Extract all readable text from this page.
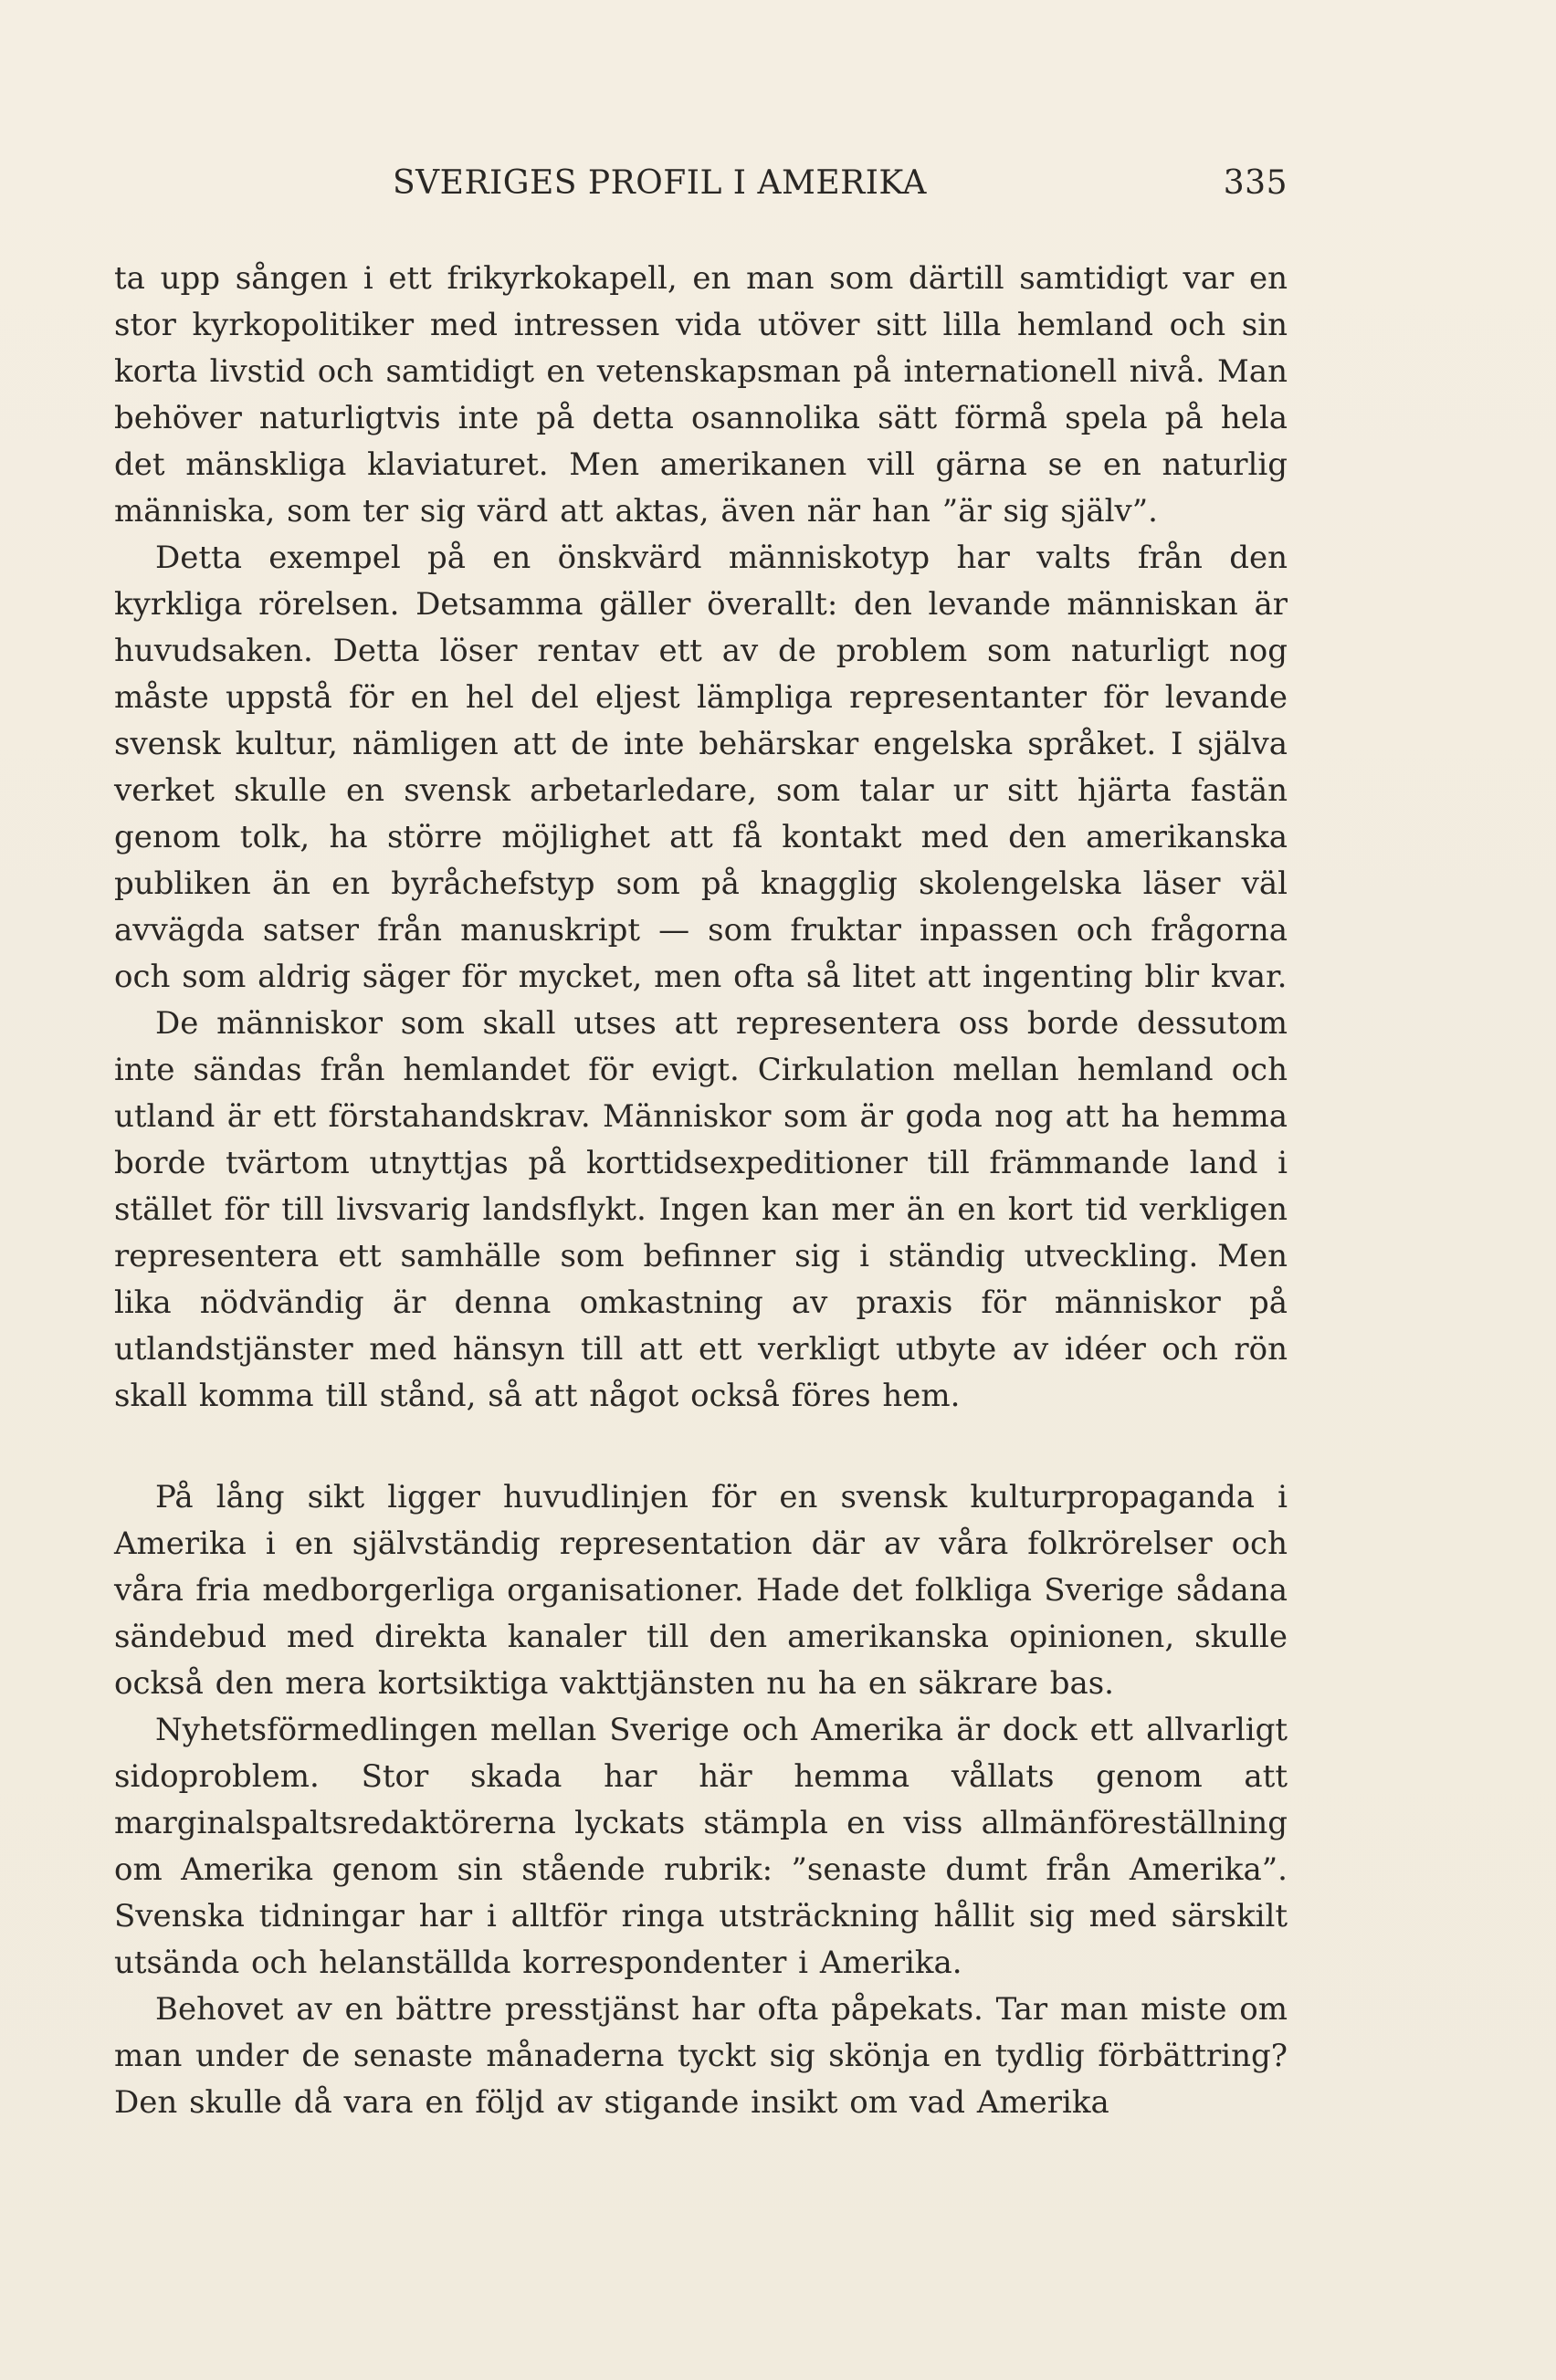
SVERIGES PROFIL I AMERIKA	335

ta upp sången i ett frikyrkokapell, en man som därtill samtidigt var en stor kyrkopolitiker med intressen vida utöver sitt lilla hemland och sin korta livstid och samtidigt en vetenskapsman på internationell nivå. Man behöver naturligtvis inte på detta osannolika sätt förmå spela på hela det mänskliga klaviaturet. Men amerikanen vill gärna se en naturlig människa, som ter sig värd att aktas, även när han ”är sig själv”.

Detta exempel på en önskvärd människotyp har valts från den kyrkliga rörelsen. Detsamma gäller överallt: den levande människan är huvudsaken. Detta löser rentav ett av de problem som naturligt nog måste uppstå för en hel del eljest lämpliga representanter för levande svensk kultur, nämligen att de inte behärskar engelska språket. I själva verket skulle en svensk arbetarledare, som talar ur sitt hjärta fastän genom tolk, ha större möjlighet att få kontakt med den amerikanska publiken än en byråchefstyp som på knagglig skolengelska läser väl avvägda satser från manuskript — som fruktar inpassen och frågorna och som aldrig säger för mycket, men ofta så litet att ingenting blir kvar.

De människor som skall utses att representera oss borde dessutom inte sändas från hemlandet för evigt. Cirkulation mellan hemland och utland är ett förstahandskrav. Människor som är goda nog att ha hemma borde tvärtom utnyttjas på korttidsexpeditioner till främmande land i stället för till livsvarig landsflykt. Ingen kan mer än en kort tid verkligen representera ett samhälle som befinner sig i ständig utveckling. Men lika nödvändig är denna omkastning av praxis för människor på utlandstjänster med hänsyn till att ett verkligt utbyte av idéer och rön skall komma till stånd, så att något också föres hem.

På lång sikt ligger huvudlinjen för en svensk kulturpropaganda i Amerika i en självständig representation där av våra folkrörelser och våra fria medborgerliga organisationer. Hade det folkliga Sverige sådana sändebud med direkta kanaler till den amerikanska opinionen, skulle också den mera kortsiktiga vakttjänsten nu ha en säkrare bas.

Nyhetsförmedlingen mellan Sverige och Amerika är dock ett allvarligt sidoproblem. Stor skada har här hemma vållats genom att marginalspaltsredaktörerna lyckats stämpla en viss allmänföreställning om Amerika genom sin stående rubrik: ”senaste dumt från Amerika”. Svenska tidningar har i alltför ringa utsträckning hållit sig med särskilt utsända och helanställda korrespondenter i Amerika.

Behovet av en bättre presstjänst har ofta påpekats. Tar man miste om man under de senaste månaderna tyckt sig skönja en tydlig förbättring? Den skulle då vara en följd av stigande insikt om vad Amerika
